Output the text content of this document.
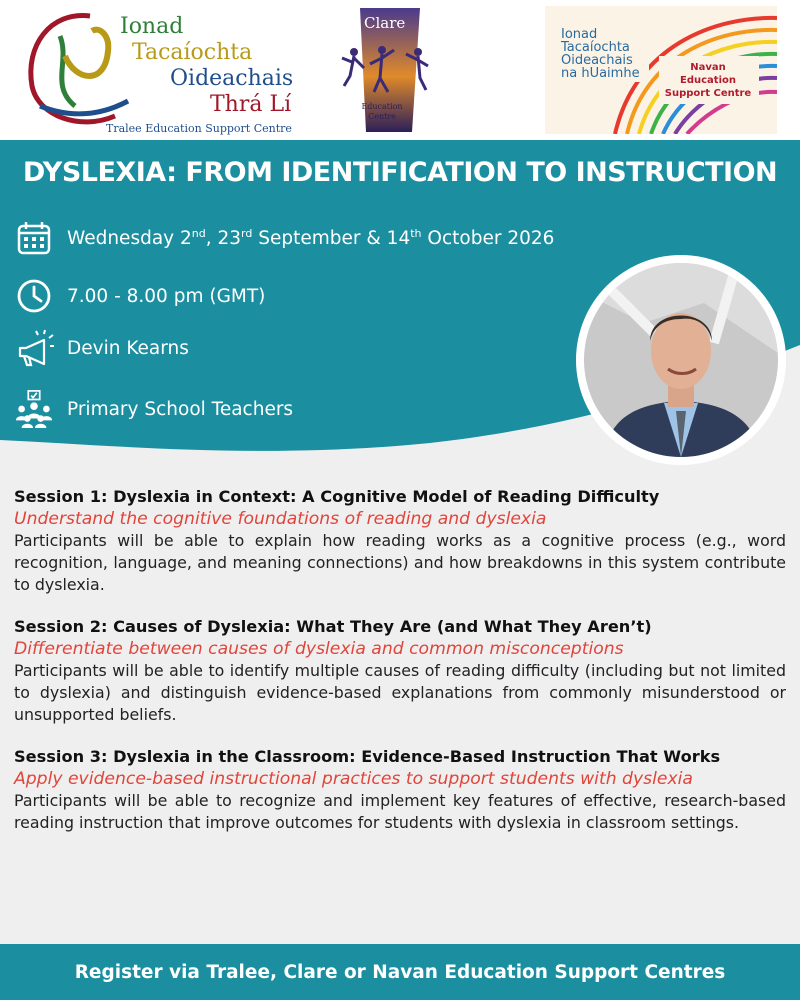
Ionad
Tacaíochta
Oideachais
Thrá Lí
Tralee Education Support Centre
Clare
Education
Centre
Ionad
Tacaíochta
Oideachais
na hUaimhe	Navan
Education
Support Centre
DYSLEXIA: FROM IDENTIFICATION TO INSTRUCTION
Wednesday 2nd, 23rd September & 14th October 2026
7.00 - 8.00 pm (GMT)
Devin Kearns
Primary School Teachers
Session 1: Dyslexia in Context: A Cognitive Model of Reading Difficulty
Understand the cognitive foundations of reading and dyslexia
Participants will be able to explain how reading works as a cognitive process (e.g., word recognition, language, and meaning connections) and how breakdowns in this system contribute to dyslexia.
Session 2: Causes of Dyslexia: What They Are (and What They Aren’t)
Differentiate between causes of dyslexia and common misconceptions
Participants will be able to identify multiple causes of reading difficulty (including but not limited to dyslexia) and distinguish evidence-based explanations from commonly misunderstood or unsupported beliefs.
Session 3: Dyslexia in the Classroom: Evidence-Based Instruction That Works
Apply evidence-based instructional practices to support students with dyslexia
Participants will be able to recognize and implement key features of effective, research-based reading instruction that improve outcomes for students with dyslexia in classroom settings.
Register via Tralee, Clare or Navan Education Support Centres
